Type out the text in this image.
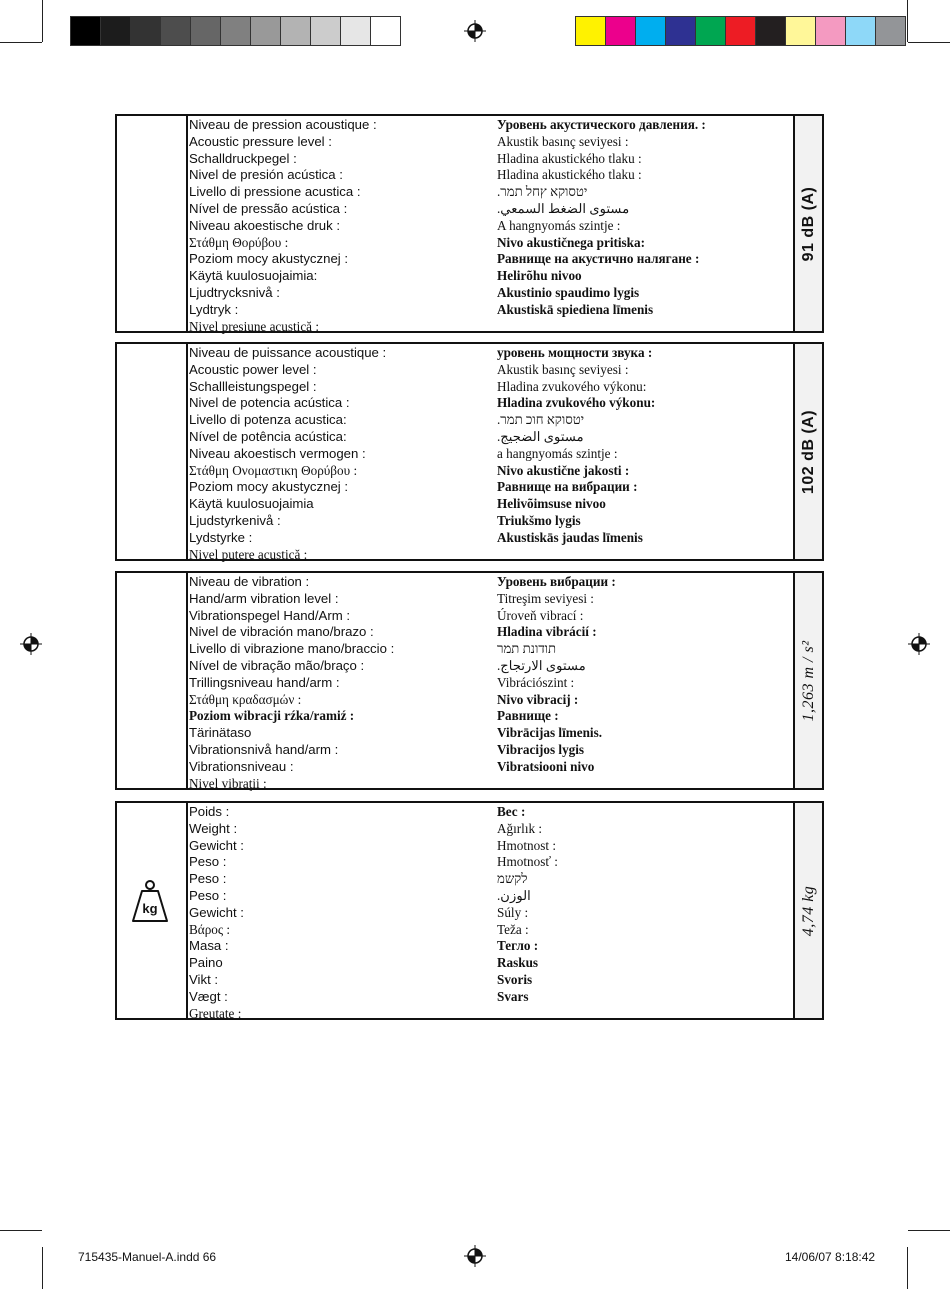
Niveau de pression acoustique :
Acoustic pressure level :
Schalldruckpegel :
Nivel de presión acústica :
Livello di pressione acustica :
Nível de pressão acústica :
Niveau akoestische druk :
Στάθμη Θορύβου :
Poziom mocy akustycznej :
Käytä kuulosuojaimia:
Ljudtrycksnivå :
Lydtryk :
Nivel presiune acustică :
Уровень акустического давления. :
Akustik basınç seviyesi :
Hladina akustického tlaku :
Hladina akustického tlaku :
יטסוקא ץחל תמר.
مستوى الضغط السمعي.
A hangnyomás szintje :
Nivo akustičnega pritiska:
Равнище на акустично налягане :
Helirõhu nivoo
Akustinio spaudimo lygis
Akustiskā spiediena līmenis
91 dB (A)
Niveau de puissance acoustique :
Acoustic power level :
Schallleistungspegel :
Nivel de potencia acústica :
Livello di potenza acustica:
Nível de potência acústica:
Niveau akoestisch vermogen :
Στάθμη Ονομαστικη Θορύβου :
Poziom mocy akustycznej :
Käytä kuulosuojaimia
Ljudstyrkenivå :
Lydstyrke :
Nivel putere acustică :
уровень мощности звука :
Akustik basınç seviyesi :
Hladina zvukového výkonu:
Hladina zvukového výkonu:
יטסוקא חוכ תמר.
مستوى الضجيج.
a hangnyomás szintje :
Nivo akustične jakosti :
Равнище на вибрации :
Helivõimsuse nivoo
Triukšmo lygis
Akustiskās jaudas līmenis
102 dB (A)
Niveau de vibration :
Hand/arm vibration level :
Vibrationspegel Hand/Arm :
Nivel de vibración mano/brazo :
Livello di vibrazione mano/braccio :
Nível de vibração mão/braço :
Trillingsniveau hand/arm :
Στάθμη κραδασμών :
Poziom wibracji rźka/ramiź :
Tärinätaso
Vibrationsnivå hand/arm :
Vibrationsniveau :
Nivel vibraţii :
Уровень вибрации :
Titreşim seviyesi :
Úroveň vibrací :
Hladina vibrácií :
תודונת תמר
مستوى الارتجاج.
Vibrációszint :
Nivo vibracij :
Равнище :
Vibrācijas līmenis.
Vibracijos lygis
Vibratsiooni nivo
1,263 m / s²
kg
Poids :
Weight :
Gewicht :
Peso :
Peso :
Peso :
Gewicht :
Βάρος :
Masa :
Paino
Vikt :
Vægt :
Greutate :
Вес :
Ağırlık :
Hmotnost :
Hmotnosť :
לקשמ
الوزن.
Súly :
Teža :
Тегло :
Raskus
Svoris
Svars
4,74 kg
715435-Manuel-A.indd 66	14/06/07 8:18:42
